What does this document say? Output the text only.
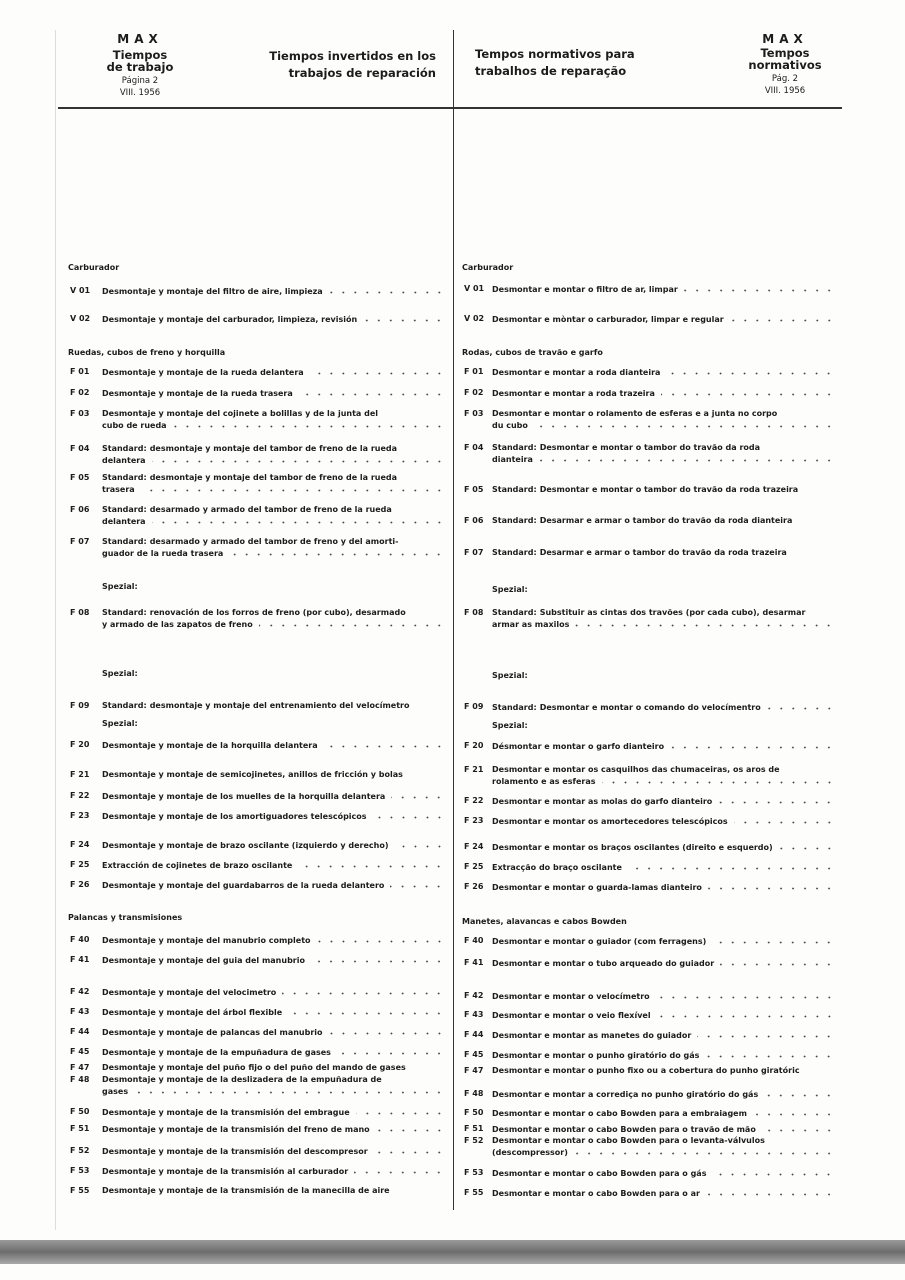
MAX
Tiempos
de trabajo
Página 2
VIII. 1956
Tiempos invertidos en los
trabajos de reparación
Tempos normativos para
trabalhos de reparação
MAX
Tempos
normativos
Pág. 2
VIII. 1956
Carburador
V 01 Desmontaje y montaje del filtro de aire, limpieza
V 02 Desmontaje y montaje del carburador, limpieza, revisión
Ruedas, cubos de freno y horquilla
F 01 Desmontaje y montaje de la rueda delantera
F 02 Desmontaje y montaje de la rueda trasera
F 03 Desmontaje y montaje del cojinete a bolillas y de la junta del
cubo de rueda
F 04 Standard: desmontaje y montaje del tambor de freno de la rueda
delantera
F 05 Standard: desmontaje y montaje del tambor de freno de la rueda
trasera
F 06 Standard: desarmado y armado del tambor de freno de la rueda
delantera
F 07 Standard: desarmado y armado del tambor de freno y del amorti-
guador de la rueda trasera
Spezial:
F 08 Standard: renovación de los forros de freno (por cubo), desarmado
y armado de las zapatos de freno
Spezial:
F 09 Standard: desmontaje y montaje del entrenamiento del velocímetro
Spezial:
F 20 Desmontaje y montaje de la horquilla delantera
F 21 Desmontaje y montaje de semicojinetes, anillos de fricción y bolas
F 22 Desmontaje y montaje de los muelles de la horquilla delantera
F 23 Desmontaje y montaje de los amortiguadores telescópicos
F 24 Desmontaje y montaje de brazo oscilante (izquierdo y derecho)
F 25 Extracción de cojinetes de brazo oscilante
F 26 Desmontaje y montaje del guardabarros de la rueda delantero
Palancas y transmisiones
F 40 Desmontaje y montaje del manubrio completo
F 41 Desmontaje y montaje del guia del manubrio
F 42 Desmontaje y montaje del velocimetro
F 43 Desmontaje y montaje del árbol flexible
F 44 Desmontaje y montaje de palancas del manubrio
F 45 Desmontaje y montaje de la empuñadura de gases
F 47 Desmontaje y montaje del puño fijo o del puño del mando de gases
F 48 Desmontaje y montaje de la deslizadera de la empuñadura de
gases
F 50 Desmontaje y montaje de la transmisión del embrague
F 51 Desmontaje y montaje de la transmisión del freno de mano
F 52 Desmontaje y montaje de la transmisión del descompresor
F 53 Desmontaje y montaje de la transmisión al carburador
F 55 Desmontaje y montaje de la transmisión de la manecilla de aire
Carburador
V 01 Desmontar e montar o filtro de ar, limpar
V 02 Desmontar e mòntar o carburador, limpar e regular
Rodas, cubos de travão e garfo
F 01 Desmontar e montar a roda dianteira
F 02 Desmontar e montar a roda trazeira
F 03 Desmontar e montar o rolamento de esferas e a junta no corpo
du cubo
F 04 Standard: Desmontar e montar o tambor do travão da roda
dianteira
F 05 Standard: Desmontar e montar o tambor do travão da roda trazeira
F 06 Standard: Desarmar e armar o tambor do travão da roda dianteira
F 07 Standard: Desarmar e armar o tambor do travão da roda trazeira
Spezial:
F 08 Standard: Substituir as cintas dos travões (por cada cubo), desarmar
armar as maxilos
Spezial:
F 09 Standard: Desmontar e montar o comando do velocímentro
Spezial:
F 20 Désmontar e montar o garfo dianteiro
F 21 Desmontar e montar os casquilhos das chumaceiras, os aros de
rolamento e as esferas
F 22 Desmontar e montar as molas do garfo dianteiro
F 23 Desmontar e montar os amortecedores telescópicos
F 24 Desmontar e montar os braços oscilantes (direito e esquerdo)
F 25 Extracção do braço oscilante
F 26 Desmontar e montar o guarda-lamas dianteiro
Manetes, alavancas e cabos Bowden
F 40 Desmontar e montar o guiador (com ferragens)
F 41 Desmontar e montar o tubo arqueado do guiador
F 42 Desmontar e montar o velocímetro
F 43 Desmontar e montar o veio flexível
F 44 Desmontar e montar as manetes do guiador
F 45 Desmontar e montar o punho giratório do gás
F 47 Desmontar e montar o punho fixo ou a cobertura do punho giratóric
F 48 Desmontar e montar a corrediça no punho giratório do gás
F 50 Desmontar e montar o cabo Bowden para a embraiagem
F 51 Desmontar e montar o cabo Bowden para o travão de mão
F 52 Desmontar e montar o cabo Bowden para o levanta-válvulos
(descompressor)
F 53 Desmontar e montar o cabo Bowden para o gás
F 55 Desmontar e montar o cabo Bowden para o ar
